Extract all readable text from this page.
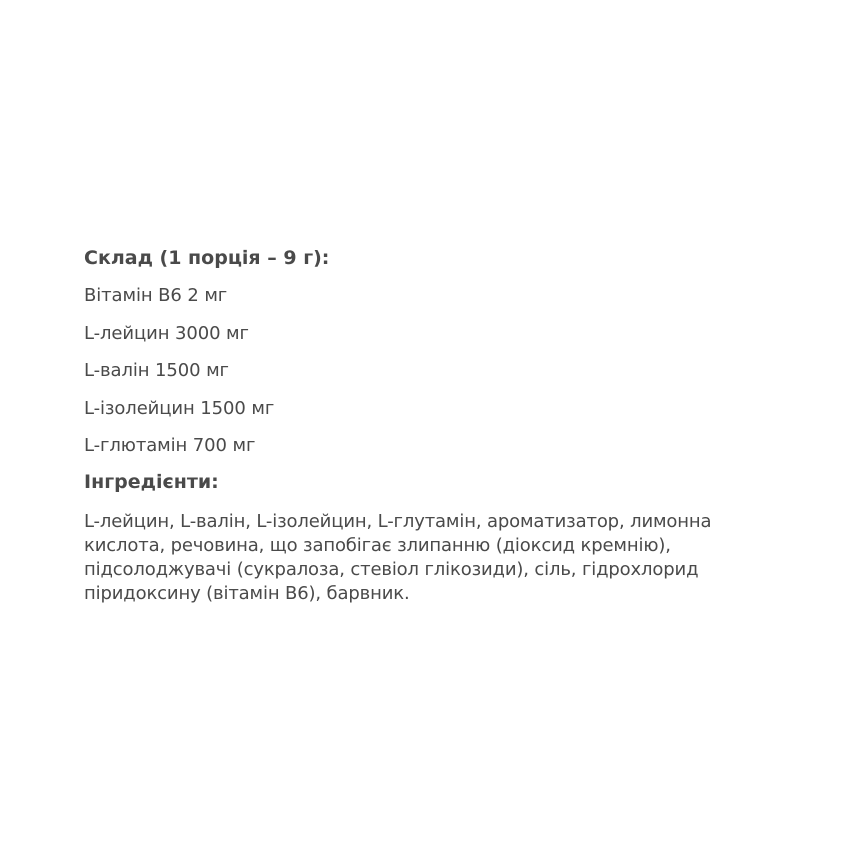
Склад (1 порція – 9 г):
Вітамін В6 2 мг
L-лейцин 3000 мг
L-валін 1500 мг
L-ізолейцин 1500 мг
L-глютамін 700 мг
Інгредієнти:

L-лейцин, L-валін, L-ізолейцин, L-глутамін, ароматизатор, лимонна кислота, речовина, що запобігає злипанню (діоксид кремнію), підсолоджувачі (сукралоза, стевіол глікозиди), сіль, гідрохлорид піридоксину (вітамін В6), барвник.
